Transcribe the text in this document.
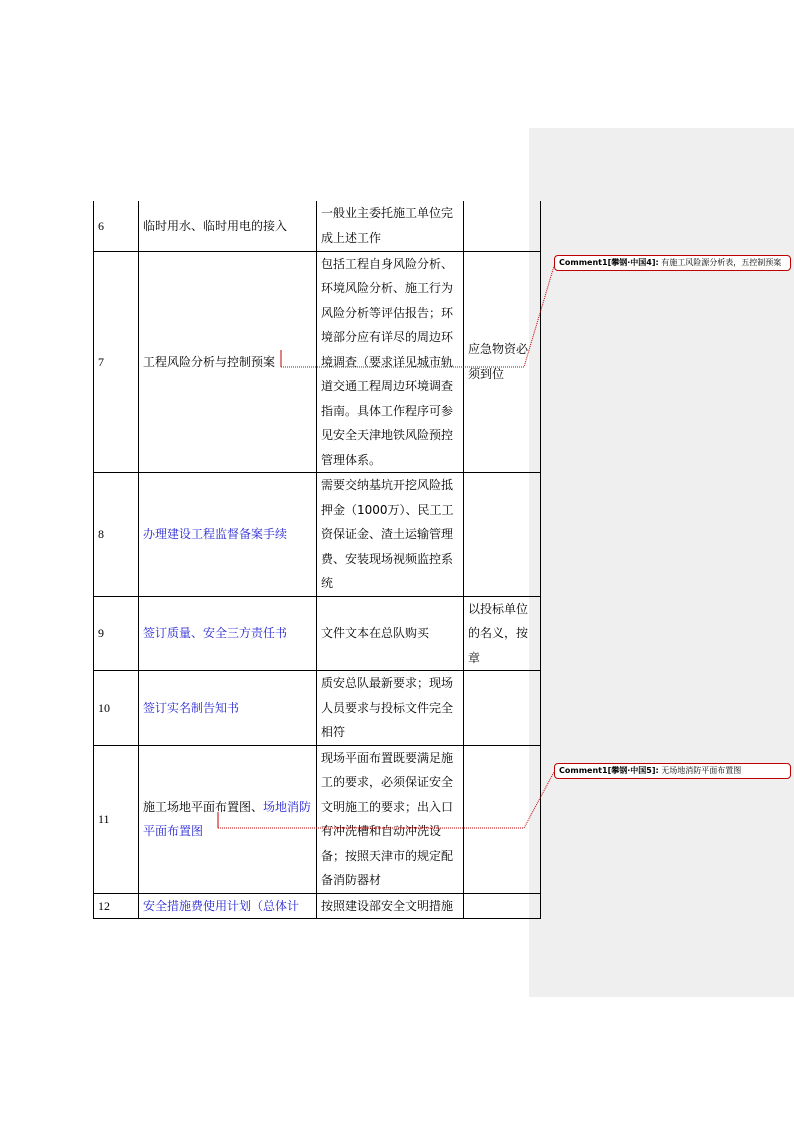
6	临时用水、临时用电的接入	一般业主委托施工单位完成上述工作	

7	工程风险分析与控制预案	包括工程自身风险分析、环境风险分析、施工行为风险分析等评估报告；环境部分应有详尽的周边环境调查（要求详见城市轨道交通工程周边环境调查指南。具体工作程序可参见安全天津地铁风险预控管理体系。	应急物资必须到位

8	办理建设工程监督备案手续	需要交纳基坑开挖风险抵押金（1000万）、民工工资保证金、渣土运输管理费、安装现场视频监控系统	

9	签订质量、安全三方责任书	文件文本在总队购买	以投标单位的名义，按章

10	签订实名制告知书	质安总队最新要求；现场人员要求与投标文件完全相符	

11	施工场地平面布置图、场地消防平面布置图	现场平面布置既要满足施工的要求，必须保证安全文明施工的要求；出入口有冲洗槽和自动冲洗设备；按照天津市的规定配备消防器材	

12	安全措施费使用计划（总体计	按照建设部安全文明措施	

Comment1[攀钢·中国4]: 有施工风险源分析表，五控制预案
Comment1[攀钢·中国5]: 无场地消防平面布置图
